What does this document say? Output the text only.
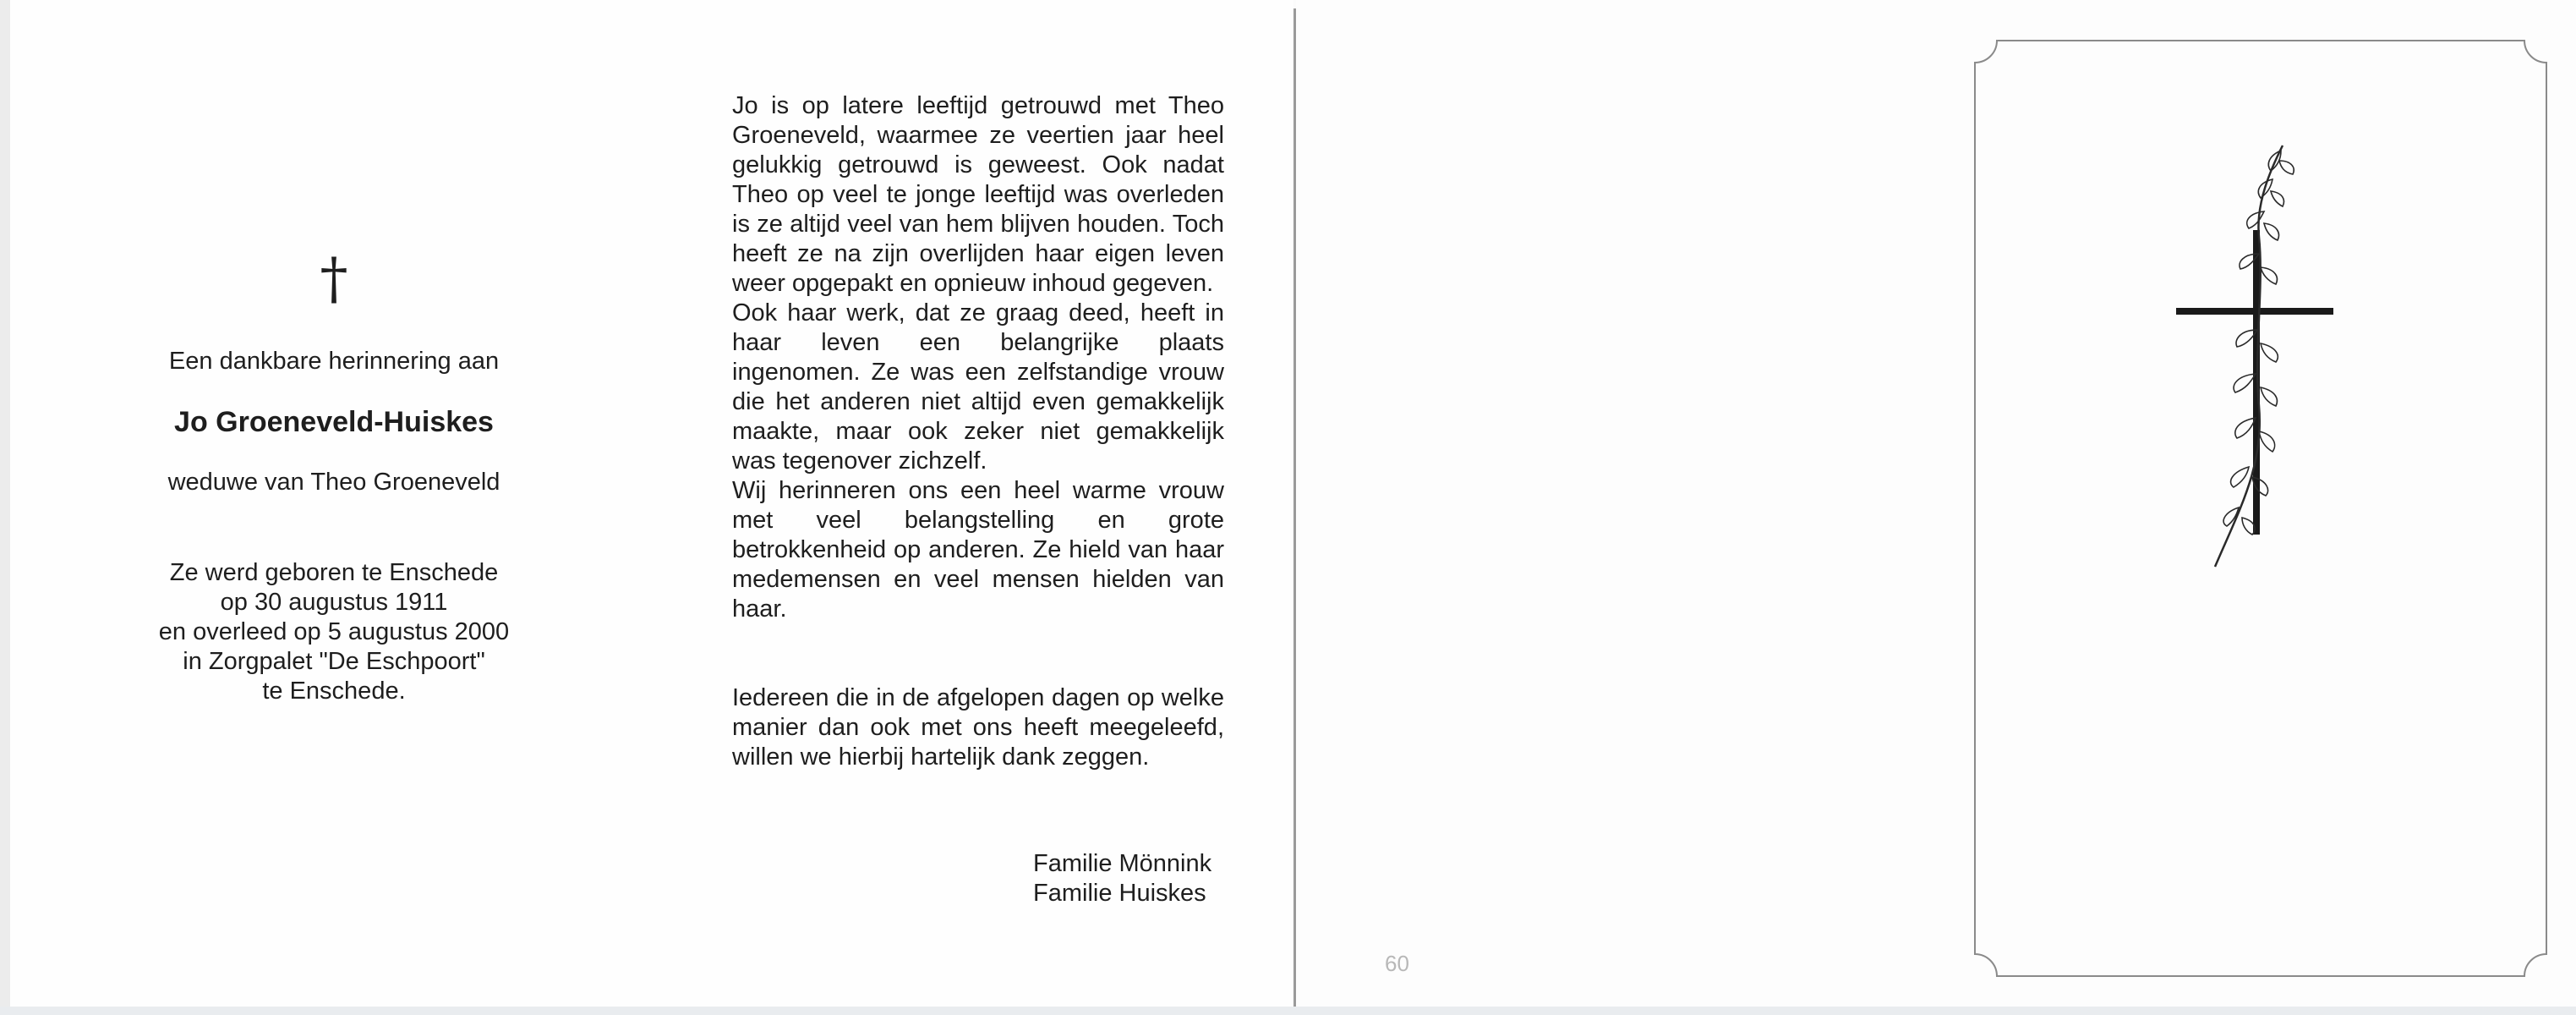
†
Een dankbare herinnering aan
Jo Groeneveld-Huiskes
weduwe van Theo Groeneveld
Ze werd geboren te Enschede
op 30 augustus 1911
en overleed op 5 augustus 2000
in Zorgpalet "De Eschpoort"
te Enschede.

Jo is op latere leeftijd getrouwd met Theo Groeneveld, waarmee ze veertien jaar heel gelukkig getrouwd is geweest. Ook nadat Theo op veel te jonge leeftijd was overleden is ze altijd veel van hem blijven houden. Toch heeft ze na zijn overlijden haar eigen leven weer opgepakt en opnieuw inhoud gegeven.

Ook haar werk, dat ze graag deed, heeft in haar leven een belangrijke plaats ingenomen. Ze was een zelfstandige vrouw die het anderen niet altijd even gemakkelijk maakte, maar ook zeker niet gemakkelijk was tegenover zichzelf.

Wij herinneren ons een heel warme vrouw met veel belangstelling en grote betrokkenheid op anderen. Ze hield van haar medemensen en veel mensen hielden van haar.

Iedereen die in de afgelopen dagen op welke manier dan ook met ons heeft meegeleefd, willen we hierbij hartelijk dank zeggen.

Familie Mönnink
Familie Huiskes
60
